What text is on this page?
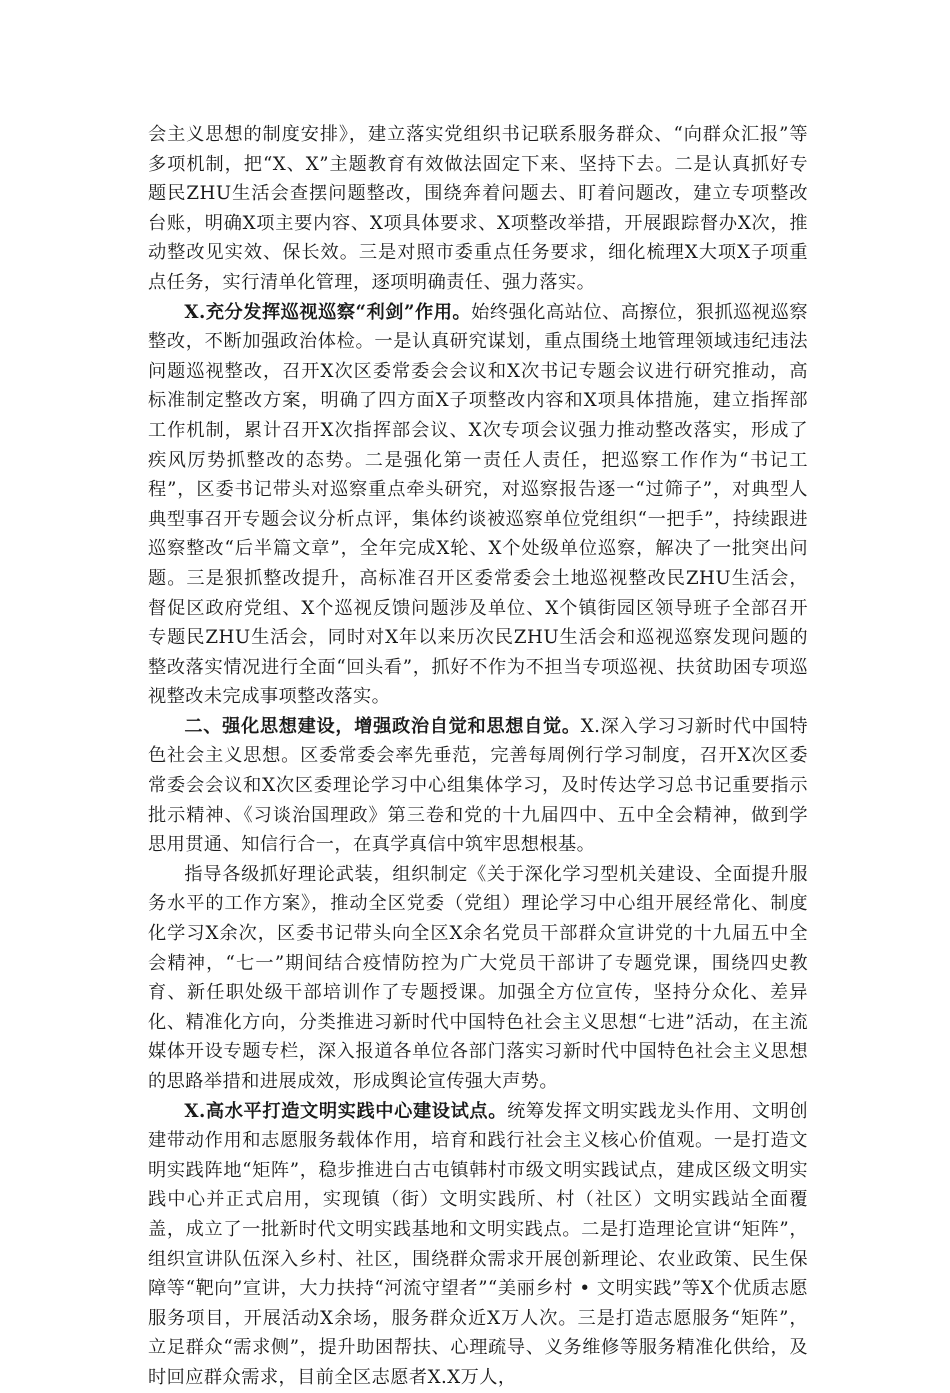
会主义思想的制度安排》，建立落实党组织书记联系服务群众、“向群众汇报”等多项机制，把“X、X”主题教育有效做法固定下来、坚持下去。二是认真抓好专题民ZHU生活会查摆问题整改，围绕奔着问题去、盯着问题改，建立专项整改台账，明确X项主要内容、X项具体要求、X项整改举措，开展跟踪督办X次，推动整改见实效、保长效。三是对照市委重点任务要求，细化梳理X大项X子项重点任务，实行清单化管理，逐项明确责任、强力落实。

X.充分发挥巡视巡察“利剑”作用。始终强化高站位、高擦位，狠抓巡视巡察整改，不断加强政治体检。一是认真研究谋划，重点围绕土地管理领域违纪违法问题巡视整改，召开X次区委常委会会议和X次书记专题会议进行研究推动，高标准制定整改方案，明确了四方面X子项整改内容和X项具体措施，建立指挥部工作机制，累计召开X次指挥部会议、X次专项会议强力推动整改落实，形成了疾风厉势抓整改的态势。二是强化第一责任人责任，把巡察工作作为“书记工程”，区委书记带头对巡察重点牵头研究，对巡察报告逐一“过筛子”，对典型人典型事召开专题会议分析点评，集体约谈被巡察单位党组织“一把手”，持续跟进巡察整改“后半篇文章”，全年完成X轮、X个处级单位巡察，解决了一批突出问题。三是狠抓整改提升，高标准召开区委常委会土地巡视整改民ZHU生活会，督促区政府党组、X个巡视反馈问题涉及单位、X个镇街园区领导班子全部召开专题民ZHU生活会，同时对X年以来历次民ZHU生活会和巡视巡察发现问题的整改落实情况进行全面“回头看”，抓好不作为不担当专项巡视、扶贫助困专项巡视整改未完成事项整改落实。

二、强化思想建设，增强政治自觉和思想自觉。X.深入学习习新时代中国特色社会主义思想。区委常委会率先垂范，完善每周例行学习制度，召开X次区委常委会会议和X次区委理论学习中心组集体学习，及时传达学习总书记重要指示批示精神、《习谈治国理政》第三卷和党的十九届四中、五中全会精神，做到学思用贯通、知信行合一，在真学真信中筑牢思想根基。

指导各级抓好理论武装，组织制定《关于深化学习型机关建设、全面提升服务水平的工作方案》，推动全区党委（党组）理论学习中心组开展经常化、制度化学习X余次，区委书记带头向全区X余名党员干部群众宣讲党的十九届五中全会精神，“七一”期间结合疫情防控为广大党员干部讲了专题党课，围绕四史教育、新任职处级干部培训作了专题授课。加强全方位宣传，坚持分众化、差异化、精准化方向，分类推进习新时代中国特色社会主义思想“七进”活动，在主流媒体开设专题专栏，深入报道各单位各部门落实习新时代中国特色社会主义思想的思路举措和进展成效，形成舆论宣传强大声势。

X.高水平打造文明实践中心建设试点。统筹发挥文明实践龙头作用、文明创建带动作用和志愿服务载体作用，培育和践行社会主义核心价值观。一是打造文明实践阵地“矩阵”，稳步推进白古屯镇韩村市级文明实践试点，建成区级文明实践中心并正式启用，实现镇（街）文明实践所、村（社区）文明实践站全面覆盖，成立了一批新时代文明实践基地和文明实践点。二是打造理论宣讲“矩阵”，组织宣讲队伍深入乡村、社区，围绕群众需求开展创新理论、农业政策、民生保障等“靶向”宣讲，大力扶持“河流守望者”“美丽乡村 • 文明实践”等X个优质志愿服务项目，开展活动X余场，服务群众近X万人次。三是打造志愿服务“矩阵”，立足群众“需求侧”，提升助困帮扶、心理疏导、义务维修等服务精准化供给，及时回应群众需求，目前全区志愿者X.X万人，
